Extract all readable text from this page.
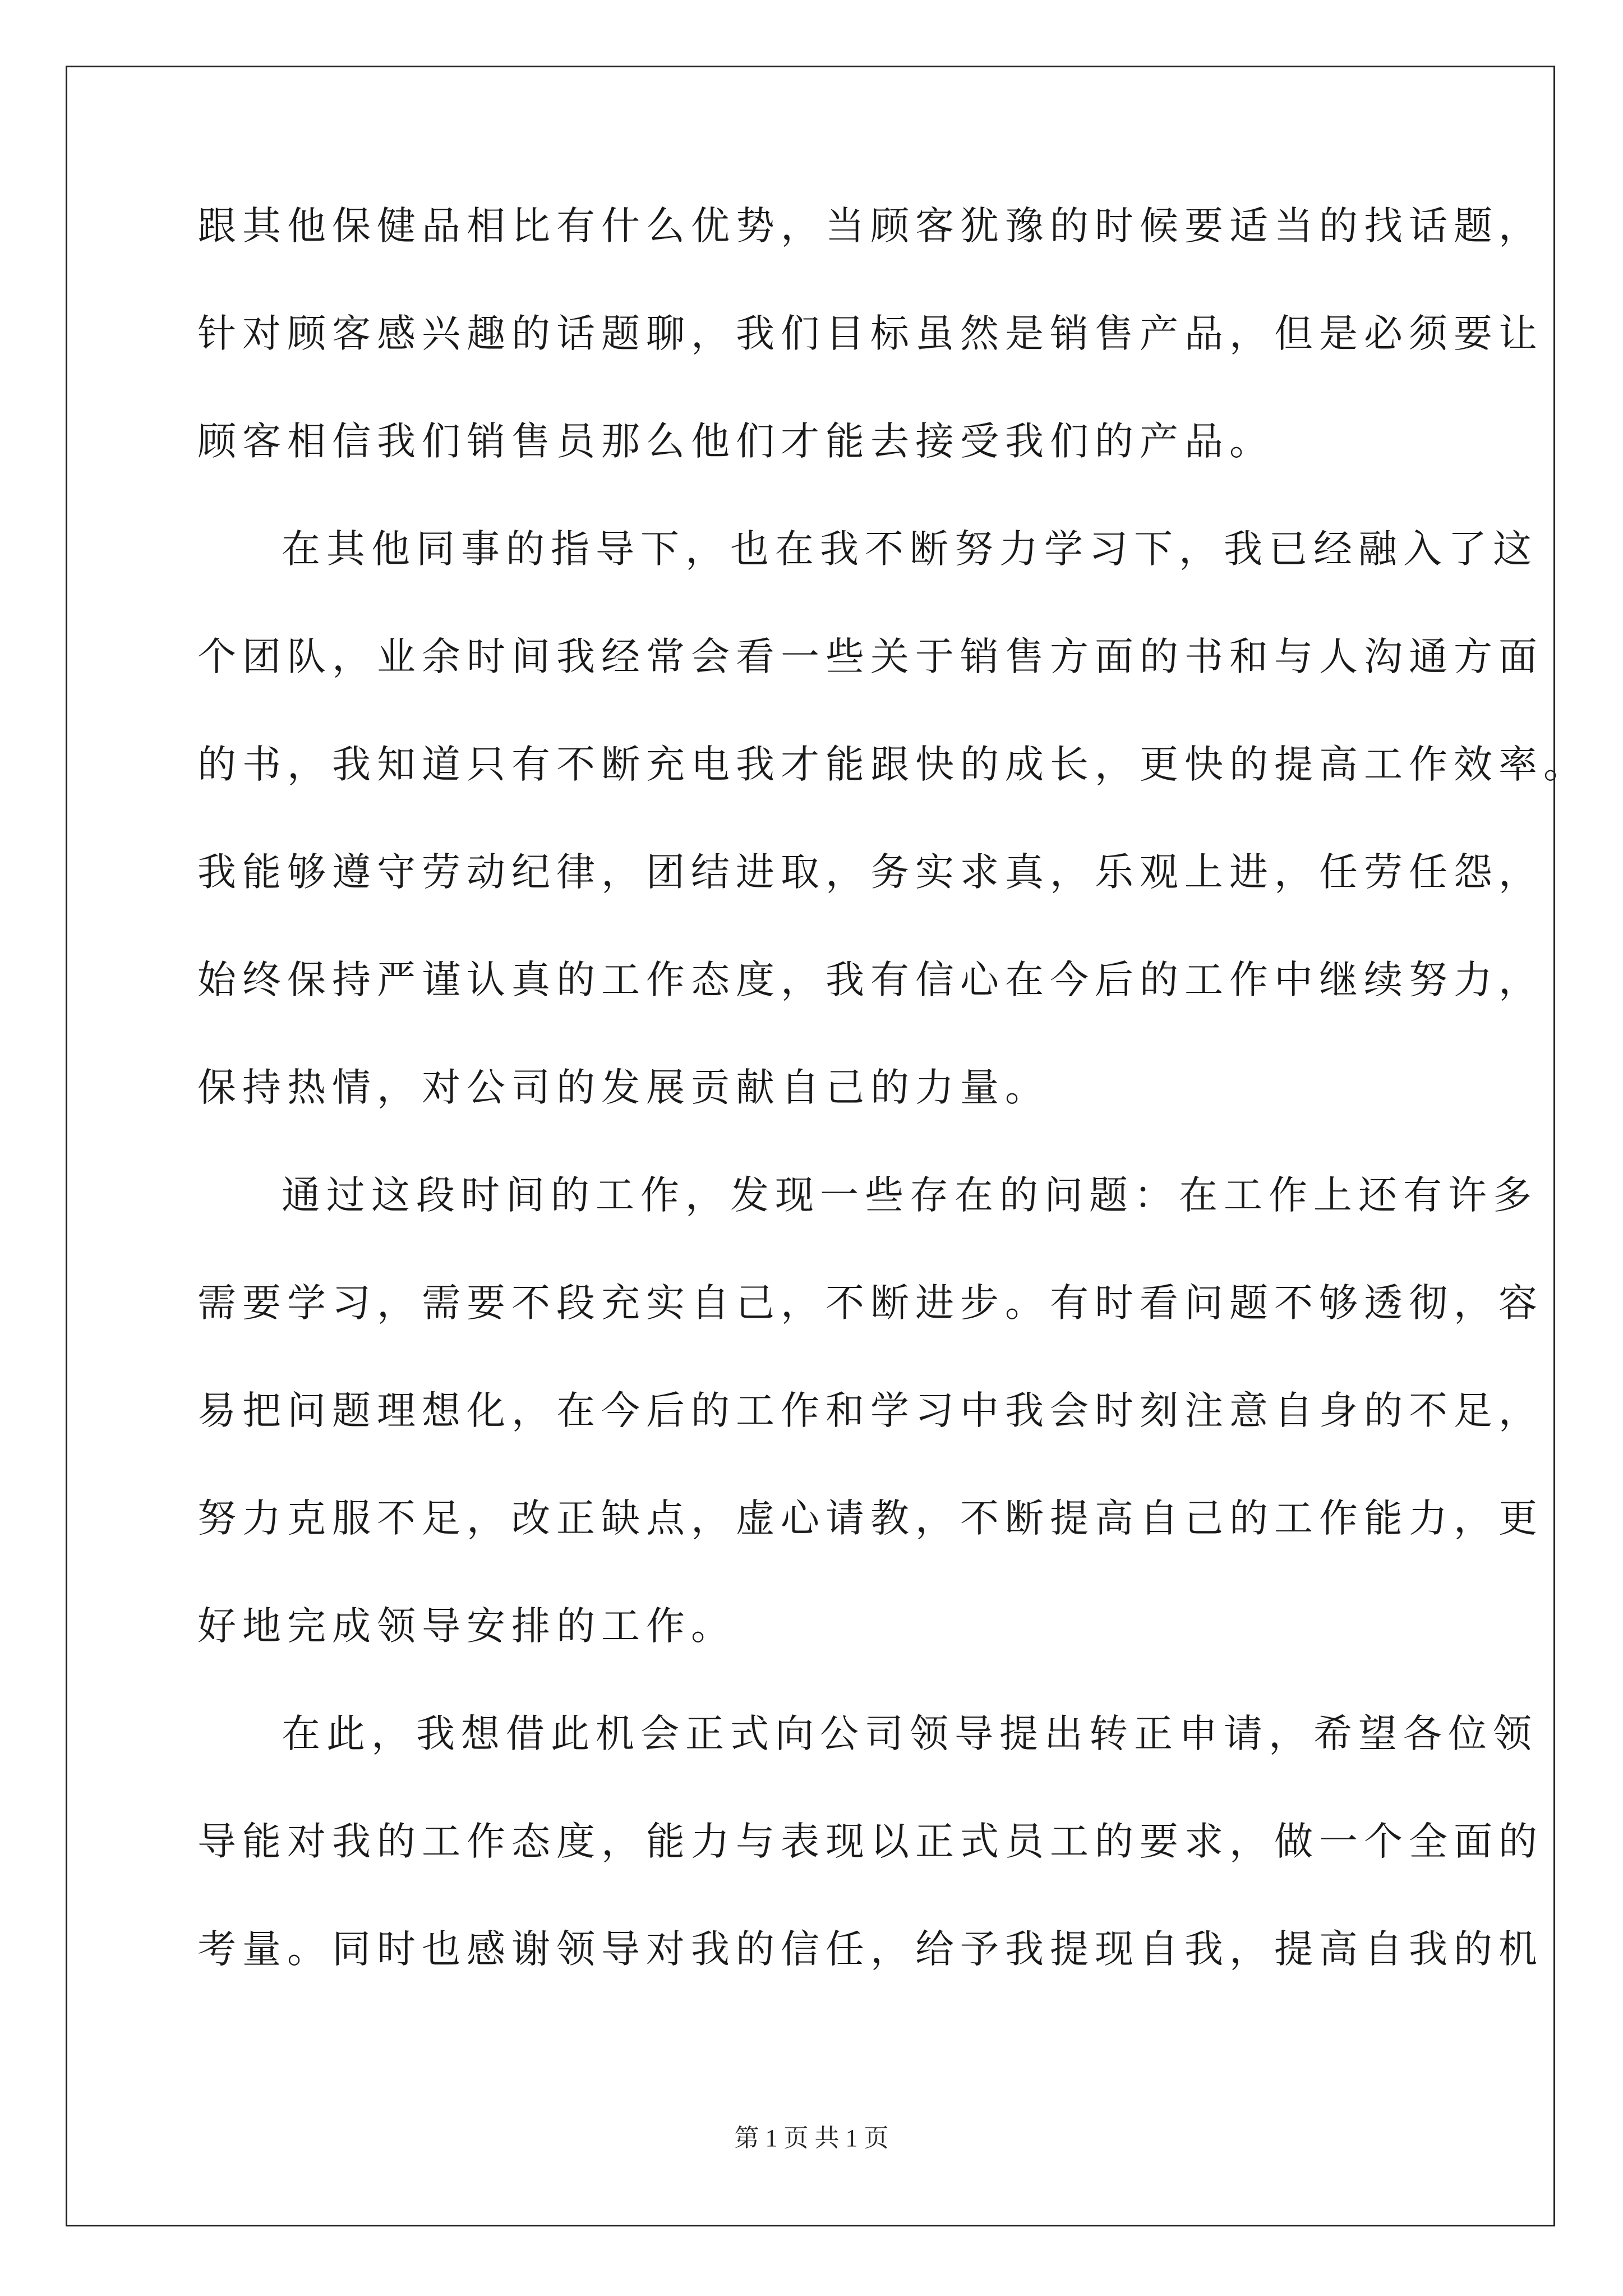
跟其他保健品相比有什么优势，当顾客犹豫的时候要适当的找话题，
针对顾客感兴趣的话题聊，我们目标虽然是销售产品，但是必须要让
顾客相信我们销售员那么他们才能去接受我们的产品。
在其他同事的指导下，也在我不断努力学习下，我已经融入了这
个团队，业余时间我经常会看一些关于销售方面的书和与人沟通方面
的书，我知道只有不断充电我才能跟快的成长，更快的提高工作效率。
我能够遵守劳动纪律，团结进取，务实求真，乐观上进，任劳任怨，
始终保持严谨认真的工作态度，我有信心在今后的工作中继续努力，
保持热情，对公司的发展贡献自己的力量。
通过这段时间的工作，发现一些存在的问题：在工作上还有许多
需要学习，需要不段充实自己，不断进步。有时看问题不够透彻，容
易把问题理想化，在今后的工作和学习中我会时刻注意自身的不足，
努力克服不足，改正缺点，虚心请教，不断提高自己的工作能力，更
好地完成领导安排的工作。
在此，我想借此机会正式向公司领导提出转正申请，希望各位领
导能对我的工作态度，能力与表现以正式员工的要求，做一个全面的
考量。同时也感谢领导对我的信任，给予我提现自我，提高自我的机
第 1 页 共 1 页
